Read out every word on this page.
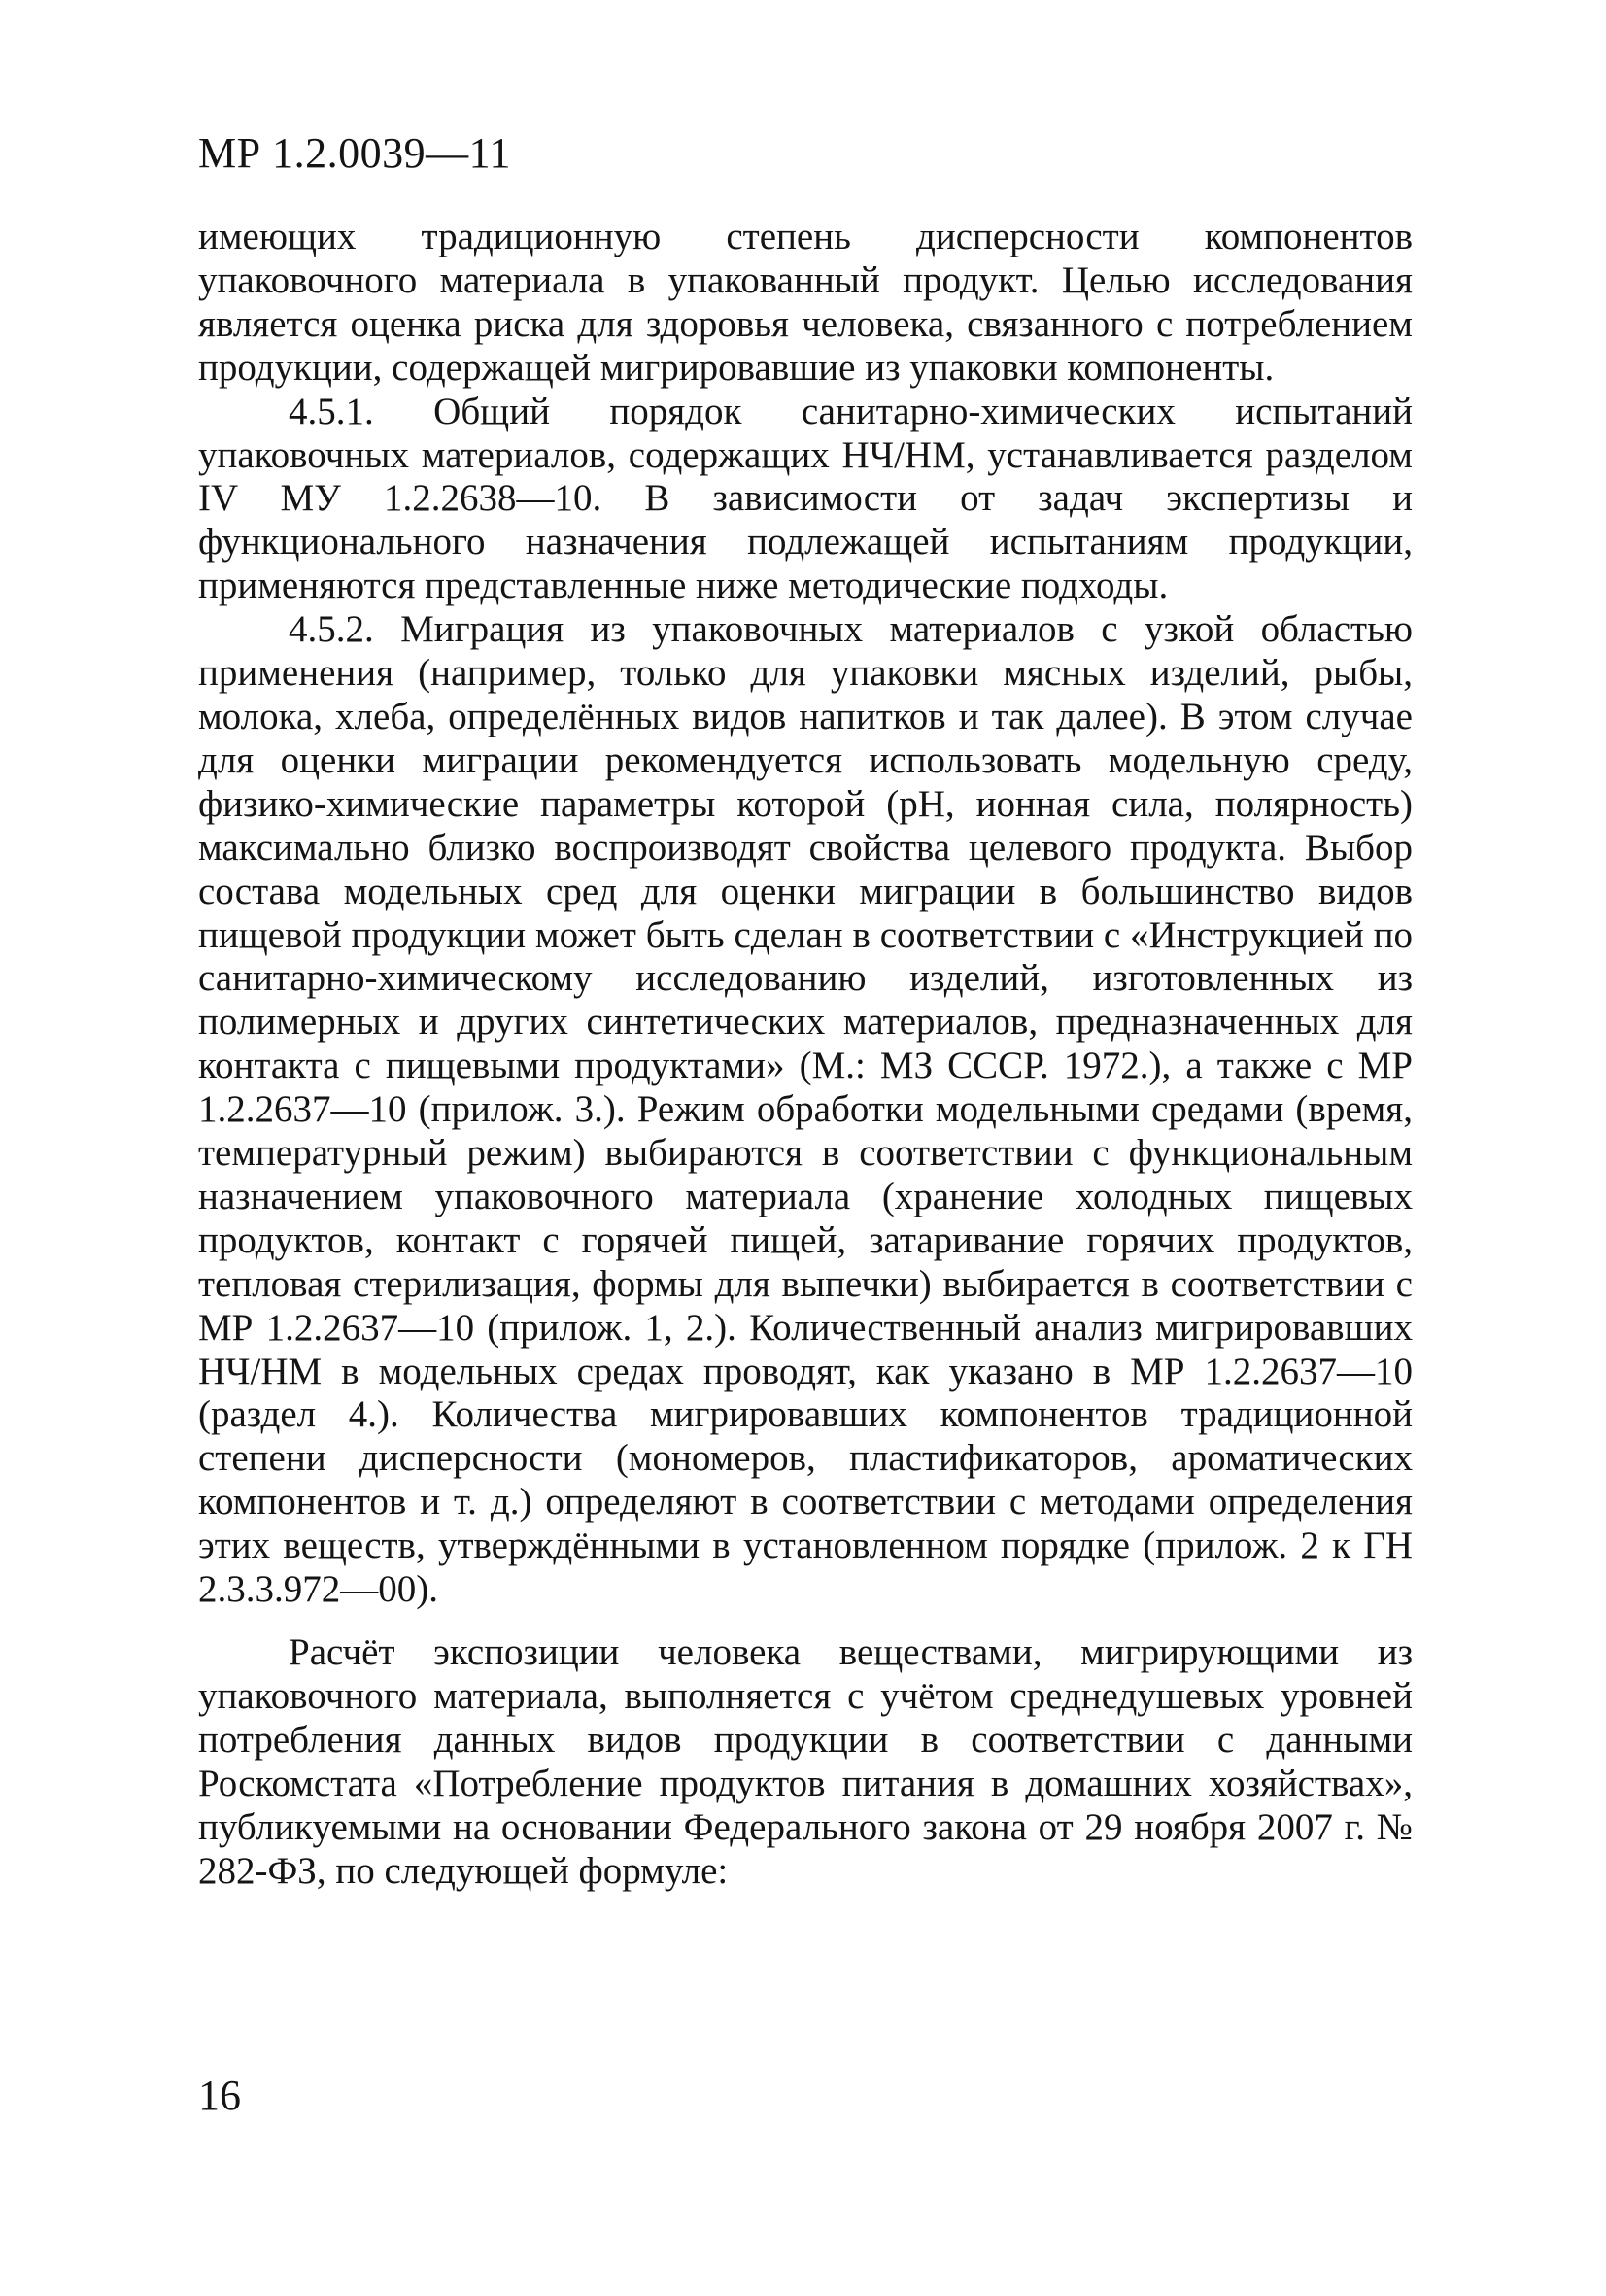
МР 1.2.0039—11

имеющих традиционную степень дисперсности компонентов упаковочного материала в упакованный продукт. Целью исследования является оценка риска для здоровья человека, связанного с потреблением продукции, содержащей мигрировавшие из упаковки компоненты.

4.5.1. Общий порядок санитарно-химических испытаний упаковочных материалов, содержащих НЧ/НМ, устанавливается разделом IV МУ 1.2.2638—10. В зависимости от задач экспертизы и функционального назначения подлежащей испытаниям продукции, применяются представленные ниже методические подходы.

4.5.2. Миграция из упаковочных материалов с узкой областью применения (например, только для упаковки мясных изделий, рыбы, молока, хлеба, определённых видов напитков и так далее). В этом случае для оценки миграции рекомендуется использовать модельную среду, физико-химические параметры которой (pH, ионная сила, полярность) максимально близко воспроизводят свойства целевого продукта. Выбор состава модельных сред для оценки миграции в большинство видов пищевой продукции может быть сделан в соответствии с «Инструкцией по санитарно-химическому исследованию изделий, изготовленных из полимерных и других синтетических материалов, предназначенных для контакта с пищевыми продуктами» (М.: МЗ СССР. 1972.), а также с МР 1.2.2637—10 (прилож. 3.). Режим обработки модельными средами (время, температурный режим) выбираются в соответствии с функциональным назначением упаковочного материала (хранение холодных пищевых продуктов, контакт с горячей пищей, затаривание горячих продуктов, тепловая стерилизация, формы для выпечки) выбирается в соответствии с МР 1.2.2637—10 (прилож. 1, 2.). Количественный анализ мигрировавших НЧ/НМ в модельных средах проводят, как указано в МР 1.2.2637—10 (раздел 4.). Количества мигрировавших компонентов традиционной степени дисперсности (мономеров, пластификаторов, ароматических компонентов и т. д.) определяют в соответствии с методами определения этих веществ, утверждёнными в установленном порядке (прилож. 2 к ГН 2.3.3.972—00).

Расчёт экспозиции человека веществами, мигрирующими из упаковочного материала, выполняется с учётом среднедушевых уровней потребления данных видов продукции в соответствии с данными Роскомстата «Потребление продуктов питания в домашних хозяйствах», публикуемыми на основании Федерального закона от 29 ноября 2007 г. № 282-ФЗ, по следующей формуле:

16
